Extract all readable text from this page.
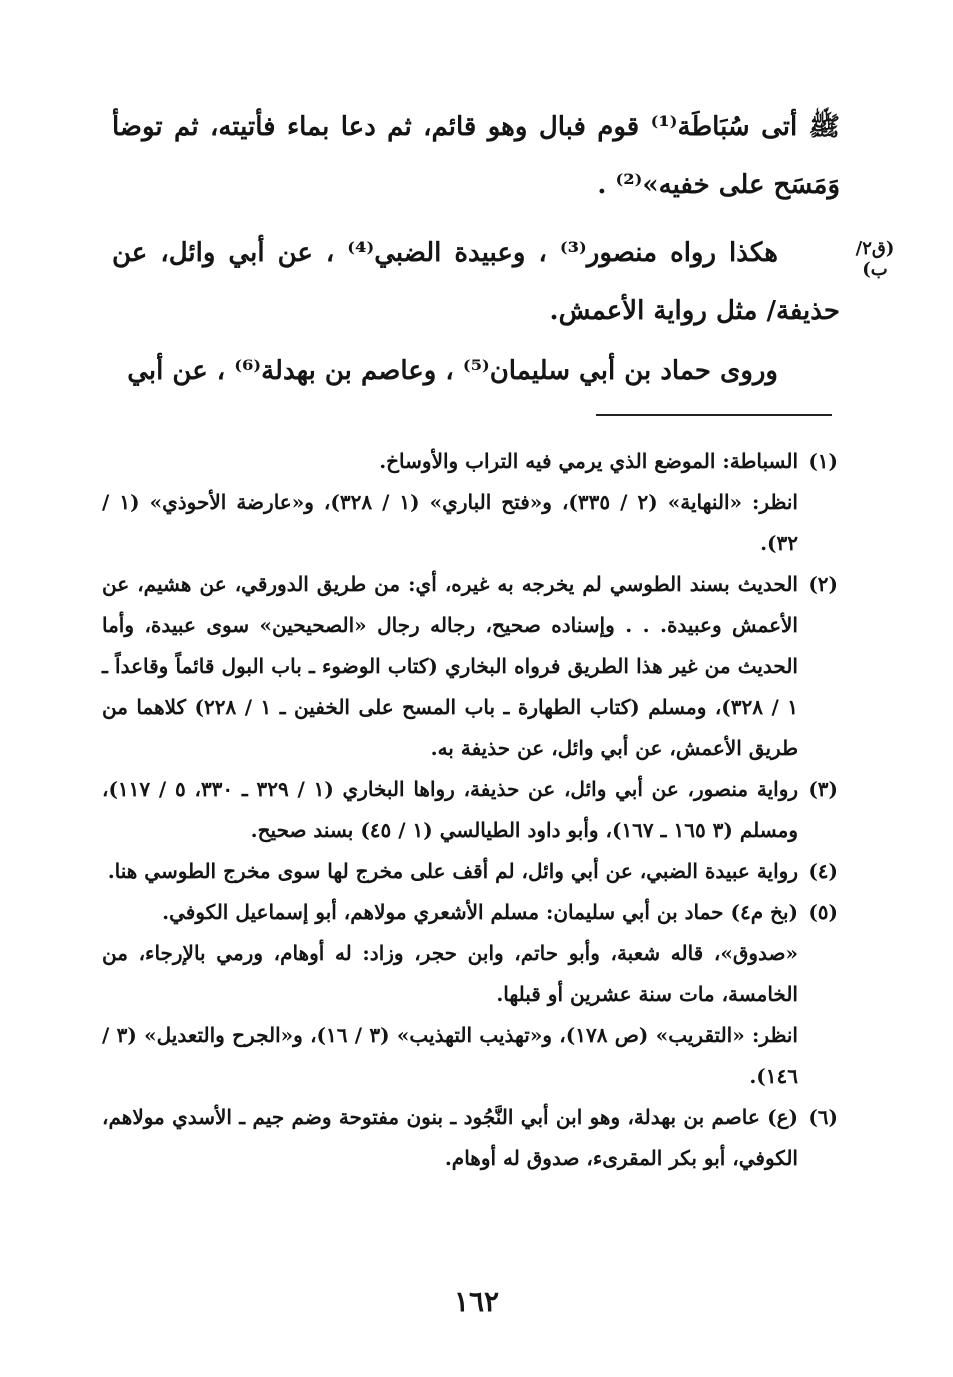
ﷺ أتى سُبَاطَة⁽¹⁾ قوم فبال وهو قائم، ثم دعا بماء فأتيته، ثم توضأ وَمَسَح على خفيه»⁽²⁾ .

(ق٢/ب)

هكذا رواه منصور⁽³⁾ ، وعبيدة الضبي⁽⁴⁾ ، عن أبي وائل، عن حذيفة/ مثل رواية الأعمش.

وروى حماد بن أبي سليمان⁽⁵⁾ ، وعاصم بن بهدلة⁽⁶⁾ ، عن أبي

(١)

السباطة: الموضع الذي يرمي فيه التراب والأوساخ.

انظر: «النهاية» (٢ / ٣٣٥)، و«فتح الباري» (١ / ٣٢٨)، و«عارضة الأحوذي» (١ / ٣٢).

(٢)

الحديث بسند الطوسي لم يخرجه به غيره، أي: من طريق الدورقي، عن هشيم، عن الأعمش وعبيدة. . . وإسناده صحيح، رجاله رجال «الصحيحين» سوى عبيدة، وأما الحديث من غير هذا الطريق فرواه البخاري (كتاب الوضوء ـ باب البول قائماً وقاعداً ـ ١ / ٣٢٨)، ومسلم (كتاب الطهارة ـ باب المسح على الخفين ـ ١ / ٢٢٨) كلاهما من طريق الأعمش، عن أبي وائل، عن حذيفة به.

(٣)

رواية منصور، عن أبي وائل، عن حذيفة، رواها البخاري (١ / ٣٢٩ ـ ٣٣٠، ٥ / ١١٧)، ومسلم (٣ ١٦٥ ـ ١٦٧)، وأبو داود الطيالسي (١ / ٤٥) بسند صحيح.

(٤)

رواية عبيدة الضبي، عن أبي وائل، لم أقف على مخرج لها سوى مخرج الطوسي هنا.

(٥)

(بخ م٤) حماد بن أبي سليمان: مسلم الأشعري مولاهم، أبو إسماعيل الكوفي.

«صدوق»، قاله شعبة، وأبو حاتم، وابن حجر، وزاد: له أوهام، ورمي بالإرجاء، من الخامسة، مات سنة عشرين أو قبلها.

انظر: «التقريب» (ص ١٧٨)، و«تهذيب التهذيب» (٣ / ١٦)، و«الجرح والتعديل» (٣ / ١٤٦).

(٦)

(ع) عاصم بن بهدلة، وهو ابن أبي النَّجُود ـ بنون مفتوحة وضم جيم ـ الأسدي مولاهم، الكوفي، أبو بكر المقرىء، صدوق له أوهام.

١٦٢
